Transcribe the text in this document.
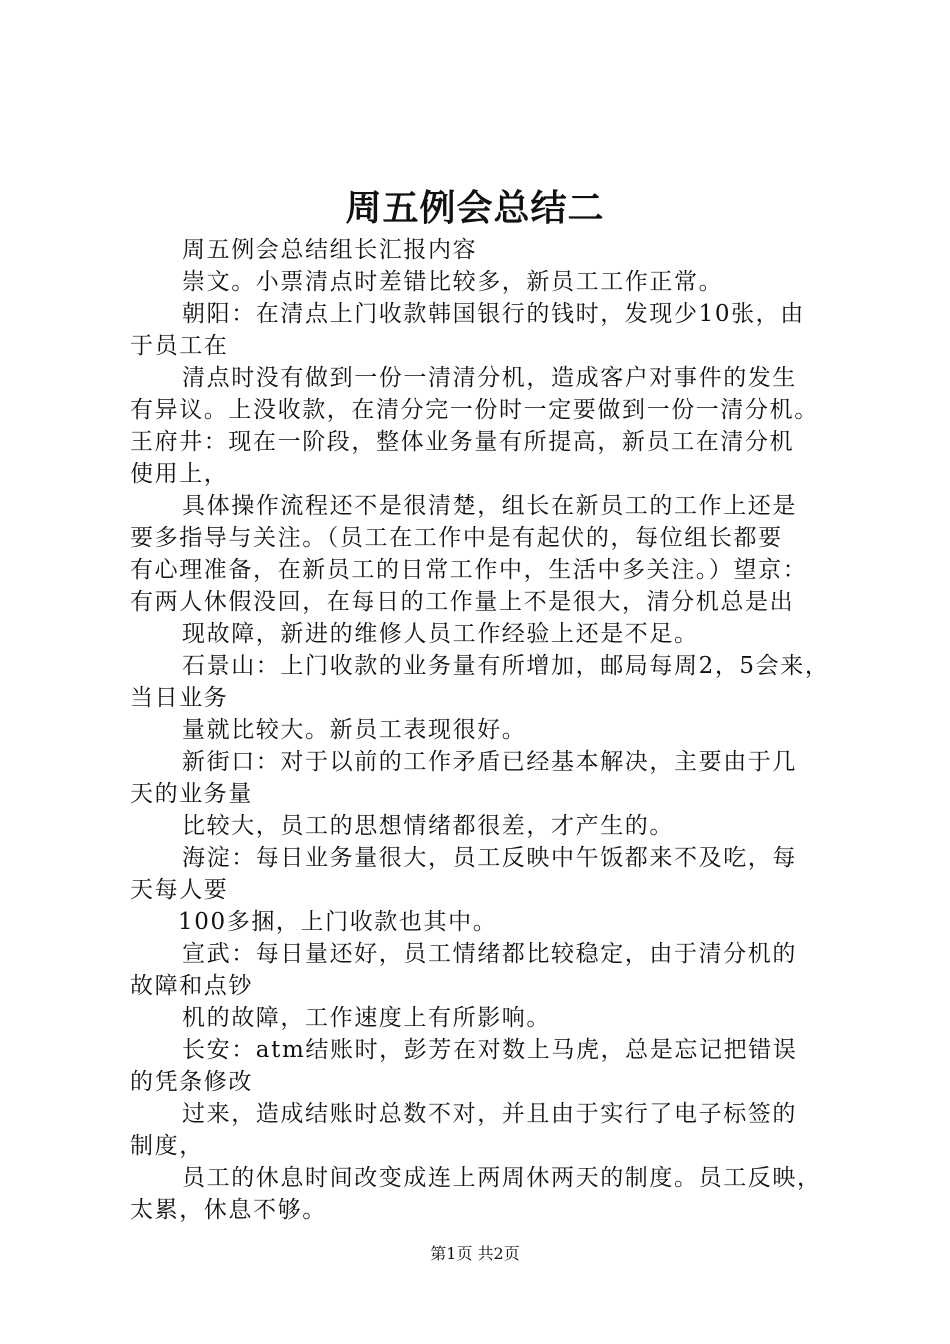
周五例会总结二
周五例会总结组长汇报内容
崇文。小票清点时差错比较多，新员工工作正常。
朝阳：在清点上门收款韩国银行的钱时，发现少10张，由
于员工在
清点时没有做到一份一清清分机，造成客户对事件的发生
有异议。上没收款，在清分完一份时一定要做到一份一清分机。
王府井：现在一阶段，整体业务量有所提高，新员工在清分机
使用上，
具体操作流程还不是很清楚，组长在新员工的工作上还是
要多指导与关注。（员工在工作中是有起伏的，每位组长都要
有心理准备，在新员工的日常工作中，生活中多关注。）望京：
有两人休假没回，在每日的工作量上不是很大，清分机总是出
现故障，新进的维修人员工作经验上还是不足。
石景山：上门收款的业务量有所增加，邮局每周2，5会来，
当日业务
量就比较大。新员工表现很好。
新街口：对于以前的工作矛盾已经基本解决，主要由于几
天的业务量
比较大，员工的思想情绪都很差，才产生的。
海淀：每日业务量很大，员工反映中午饭都来不及吃，每
天每人要
100多捆，上门收款也其中。
宣武：每日量还好，员工情绪都比较稳定，由于清分机的
故障和点钞
机的故障，工作速度上有所影响。
长安：atm结账时，彭芳在对数上马虎，总是忘记把错误
的凭条修改
过来，造成结账时总数不对，并且由于实行了电子标签的
制度，
员工的休息时间改变成连上两周休两天的制度。员工反映，
太累，休息不够。
第1页 共2页
